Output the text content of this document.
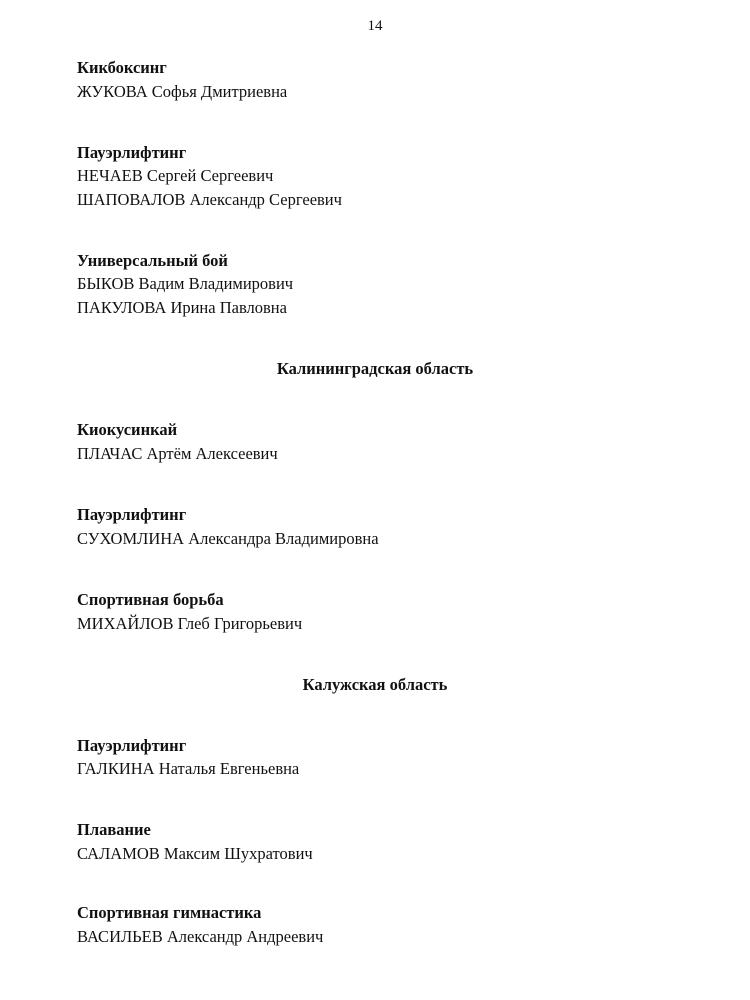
14
Кикбоксинг
ЖУКОВА Софья Дмитриевна
Пауэрлифтинг
НЕЧАЕВ Сергей Сергеевич
ШАПОВАЛОВ Александр Сергеевич
Универсальный бой
БЫКОВ Вадим Владимирович
ПАКУЛОВА Ирина Павловна
Калининградская область
Киокусинкай
ПЛАЧАС Артём Алексеевич
Пауэрлифтинг
СУХОМЛИНА Александра Владимировна
Спортивная борьба
МИХАЙЛОВ Глеб Григорьевич
Калужская область
Пауэрлифтинг
ГАЛКИНА Наталья Евгеньевна
Плавание
САЛАМОВ Максим Шухратович
Спортивная гимнастика
ВАСИЛЬЕВ Александр Андреевич
